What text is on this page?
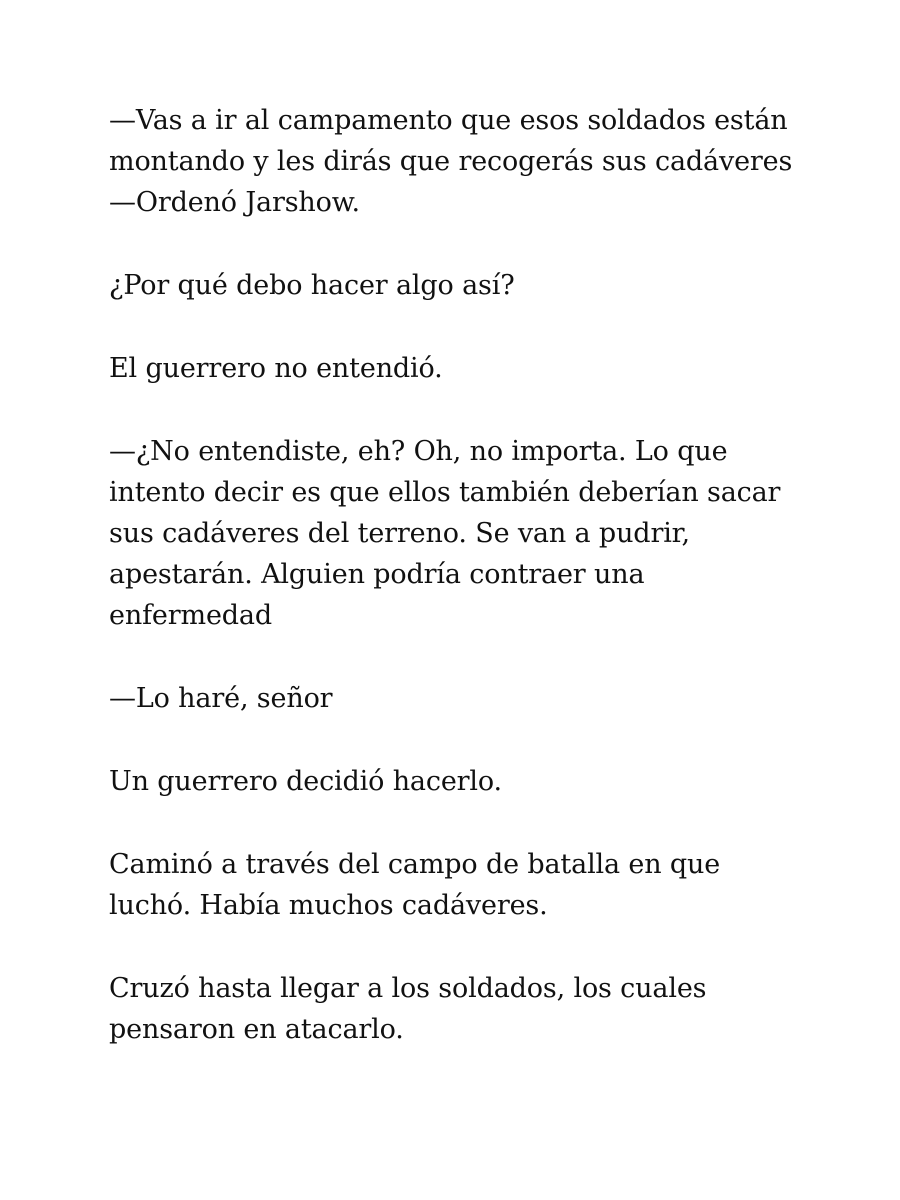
—Vas a ir al campamento que esos soldados están montando y les dirás que recogerás sus cadáveres —Ordenó Jarshow.

¿Por qué debo hacer algo así?

El guerrero no entendió.

—¿No entendiste, eh? Oh, no importa. Lo que intento decir es que ellos también deberían sacar sus cadáveres del terreno. Se van a pudrir, apestarán. Alguien podría contraer una enfermedad

—Lo haré, señor

Un guerrero decidió hacerlo.

Caminó a través del campo de batalla en que luchó. Había muchos cadáveres.

Cruzó hasta llegar a los soldados, los cuales pensaron en atacarlo.
